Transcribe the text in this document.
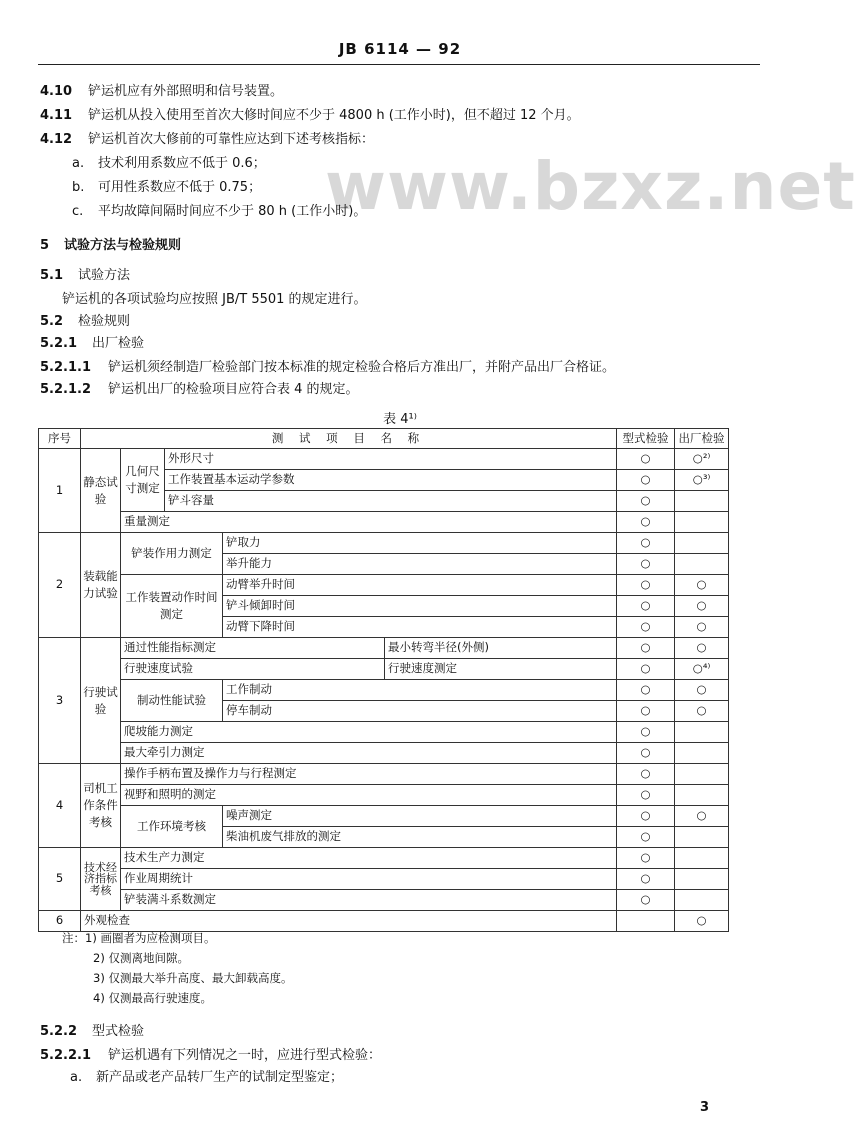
JB 6114 — 92
www.bzxz.net
4.10 铲运机应有外部照明和信号装置。
4.11 铲运机从投入使用至首次大修时间应不少于 4800 h (工作小时)，但不超过 12 个月。
4.12 铲运机首次大修前的可靠性应达到下述考核指标：
a. 技术利用系数应不低于 0.6；
b. 可用性系数应不低于 0.75；
c. 平均故障间隔时间应不少于 80 h (工作小时)。
5 试验方法与检验规则
5.1 试验方法
铲运机的各项试验均应按照 JB/T 5501 的规定进行。
5.2 检验规则
5.2.1 出厂检验
5.2.1.1 铲运机须经制造厂检验部门按本标准的规定检验合格后方准出厂，并附产品出厂合格证。
5.2.1.2 铲运机出厂的检验项目应符合表 4 的规定。
表 4¹⁾
序号	测 试 项 目 名 称					型式检验	出厂检验
1	静态试验	几何尺寸测定	外形尺寸			○	○²⁾
			工作装置基本运动学参数			○	○³⁾
			铲斗容量			○	
		重量测定				○	
2	装载能力试验	铲装作用力测定		铲取力		○	
				举升能力		○	
		工作装置动作时间测定		动臂举升时间		○	○
				铲斗倾卸时间		○	○
				动臂下降时间		○	○
3	行驶试验	通过性能指标测定			最小转弯半径(外侧)	○	○
		行驶速度试验			行驶速度测定	○	○⁴⁾
		制动性能试验		工作制动		○	○
				停车制动		○	○
		爬坡能力测定				○	
		最大牵引力测定				○	
4	司机工作条件考核	操作手柄布置及操作力与行程测定				○	
		视野和照明的测定				○	
		工作环境考核		噪声测定		○	○
				柴油机废气排放的测定		○	
5	技术经济指标考核	技术生产力测定				○	
		作业周期统计				○	
		铲装满斗系数测定				○	
6	外观检查						○
注：1) 画圈者为应检测项目。
2) 仅测离地间隙。
3) 仅测最大举升高度、最大卸载高度。
4) 仅测最高行驶速度。
5.2.2 型式检验
5.2.2.1 铲运机遇有下列情况之一时，应进行型式检验：
a. 新产品或老产品转厂生产的试制定型鉴定；
3
